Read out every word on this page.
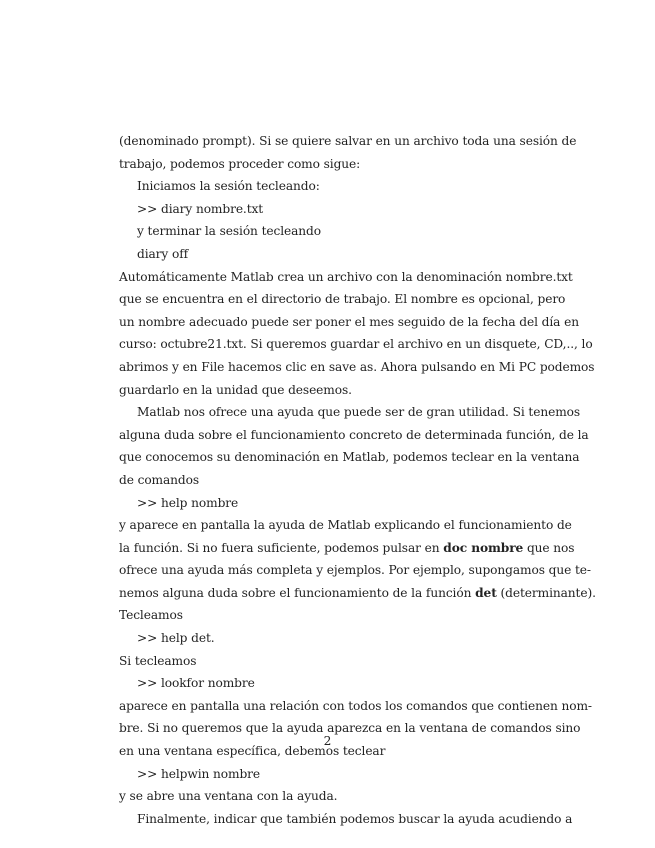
(denominado prompt). Si se quiere salvar en un archivo toda una sesión de
trabajo, podemos proceder como sigue:
Iniciamos la sesión tecleando:
>> diary nombre.txt
y terminar la sesión tecleando
diary off
Automáticamente Matlab crea un archivo con la denominación nombre.txt
que se encuentra en el directorio de trabajo. El nombre es opcional, pero
un nombre adecuado puede ser poner el mes seguido de la fecha del día en
curso: octubre21.txt. Si queremos guardar el archivo en un disquete, CD,.., lo
abrimos y en File hacemos clic en save as. Ahora pulsando en Mi PC podemos
guardarlo en la unidad que deseemos.
Matlab nos ofrece una ayuda que puede ser de gran utilidad. Si tenemos
alguna duda sobre el funcionamiento concreto de determinada función, de la
que conocemos su denominación en Matlab, podemos teclear en la ventana
de comandos
>> help nombre
y aparece en pantalla la ayuda de Matlab explicando el funcionamiento de
la función. Si no fuera suficiente, podemos pulsar en doc nombre que nos
ofrece una ayuda más completa y ejemplos. Por ejemplo, supongamos que te-
nemos alguna duda sobre el funcionamiento de la función det (determinante).
Tecleamos
>> help det.
Si tecleamos
>> lookfor nombre
aparece en pantalla una relación con todos los comandos que contienen nom-
bre. Si no queremos que la ayuda aparezca en la ventana de comandos sino
en una ventana específica, debemos teclear
>> helpwin nombre
y se abre una ventana con la ayuda.
Finalmente, indicar que también podemos buscar la ayuda acudiendo a
2
